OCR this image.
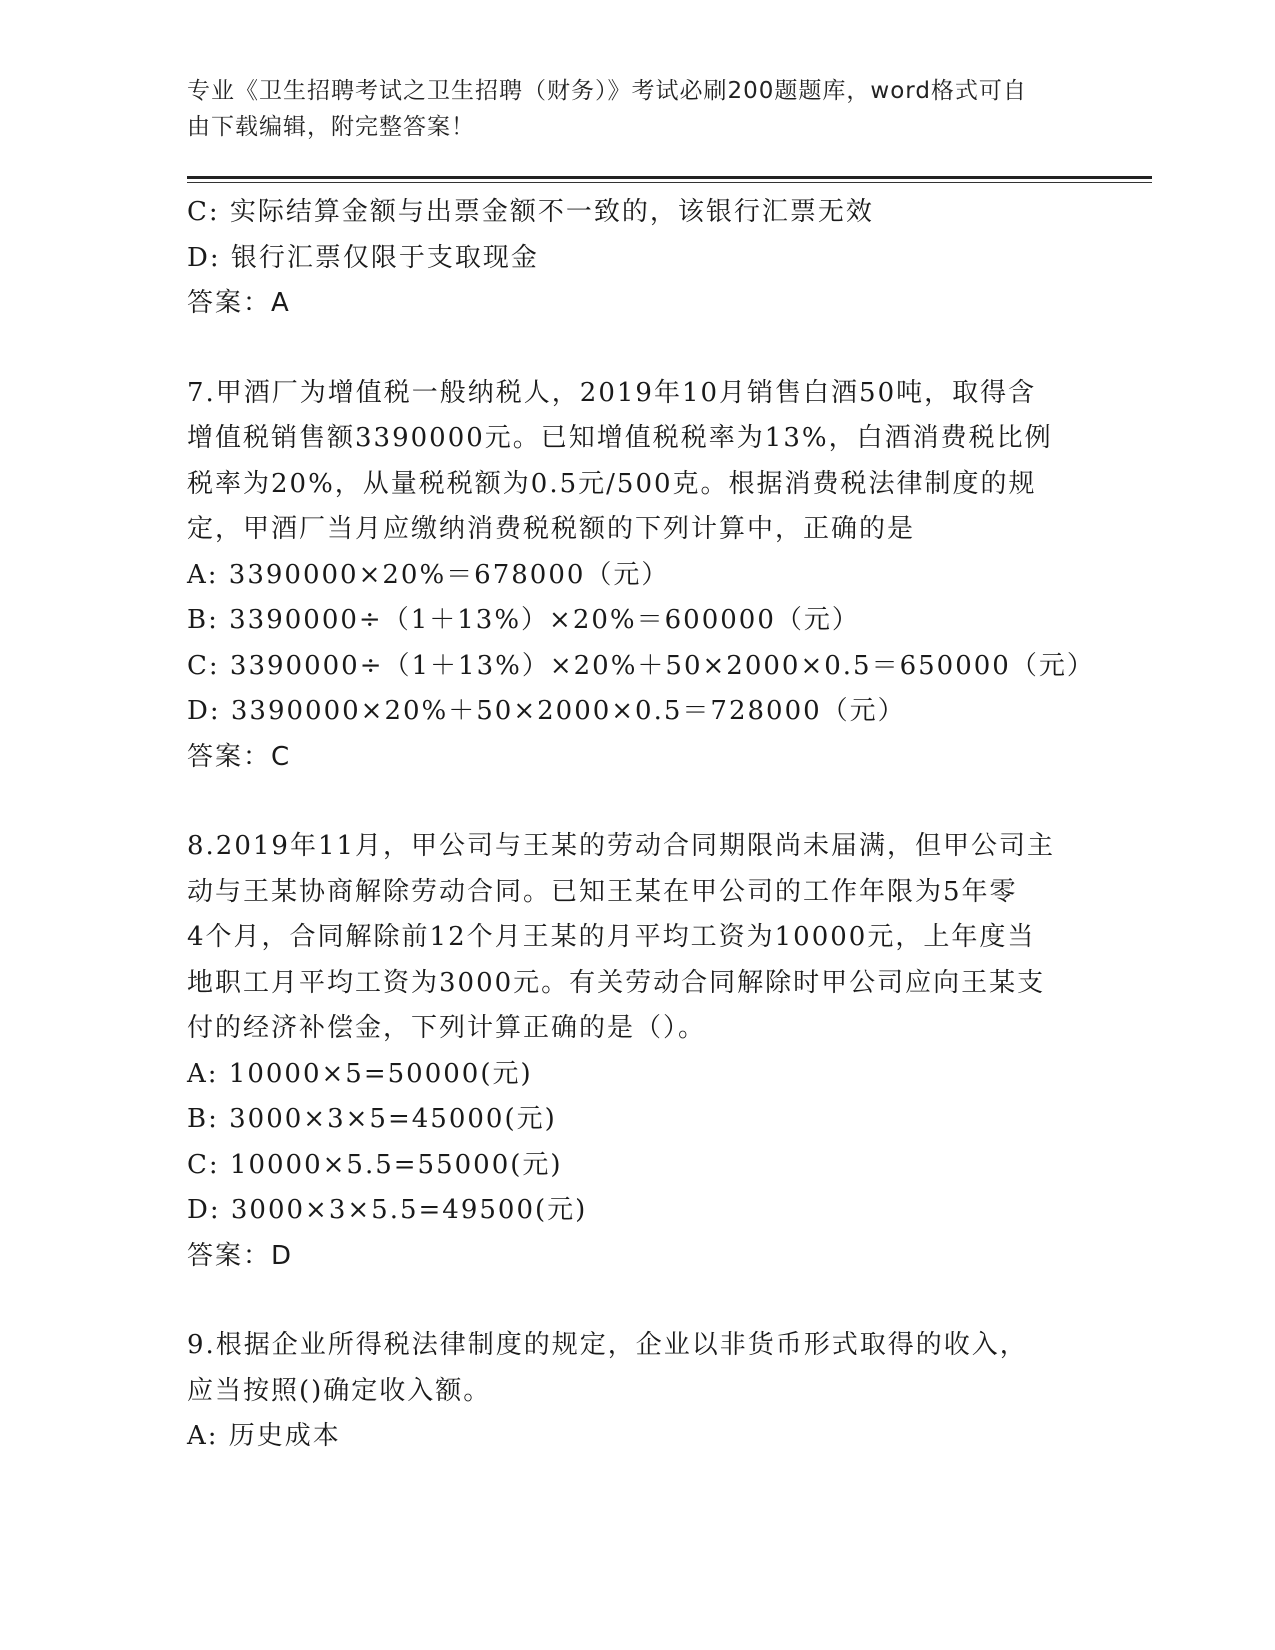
专业《卫生招聘考试之卫生招聘（财务）》考试必刷200题题库，word格式可自
由下载编辑，附完整答案！
C: 实际结算金额与出票金额不一致的，该银行汇票无效
D: 银行汇票仅限于支取现金
答案：A
7.甲酒厂为增值税一般纳税人，2019年10月销售白酒50吨，取得含
增值税销售额3390000元。已知增值税税率为13%，白酒消费税比例
税率为20%，从量税税额为0.5元/500克。根据消费税法律制度的规
定，甲酒厂当月应缴纳消费税税额的下列计算中，正确的是
A: 3390000×20%＝678000（元）
B: 3390000÷（1＋13%）×20%＝600000（元）
C: 3390000÷（1＋13%）×20%＋50×2000×0.5＝650000（元）
D: 3390000×20%＋50×2000×0.5＝728000（元）
答案：C
8.2019年11月，甲公司与王某的劳动合同期限尚未届满，但甲公司主
动与王某协商解除劳动合同。已知王某在甲公司的工作年限为5年零
4个月，合同解除前12个月王某的月平均工资为10000元，上年度当
地职工月平均工资为3000元。有关劳动合同解除时甲公司应向王某支
付的经济补偿金，下列计算正确的是（）。
A: 10000×5=50000(元)
B: 3000×3×5=45000(元)
C: 10000×5.5=55000(元)
D: 3000×3×5.5=49500(元)
答案：D
9.根据企业所得税法律制度的规定，企业以非货币形式取得的收入，
应当按照()确定收入额。
A: 历史成本
